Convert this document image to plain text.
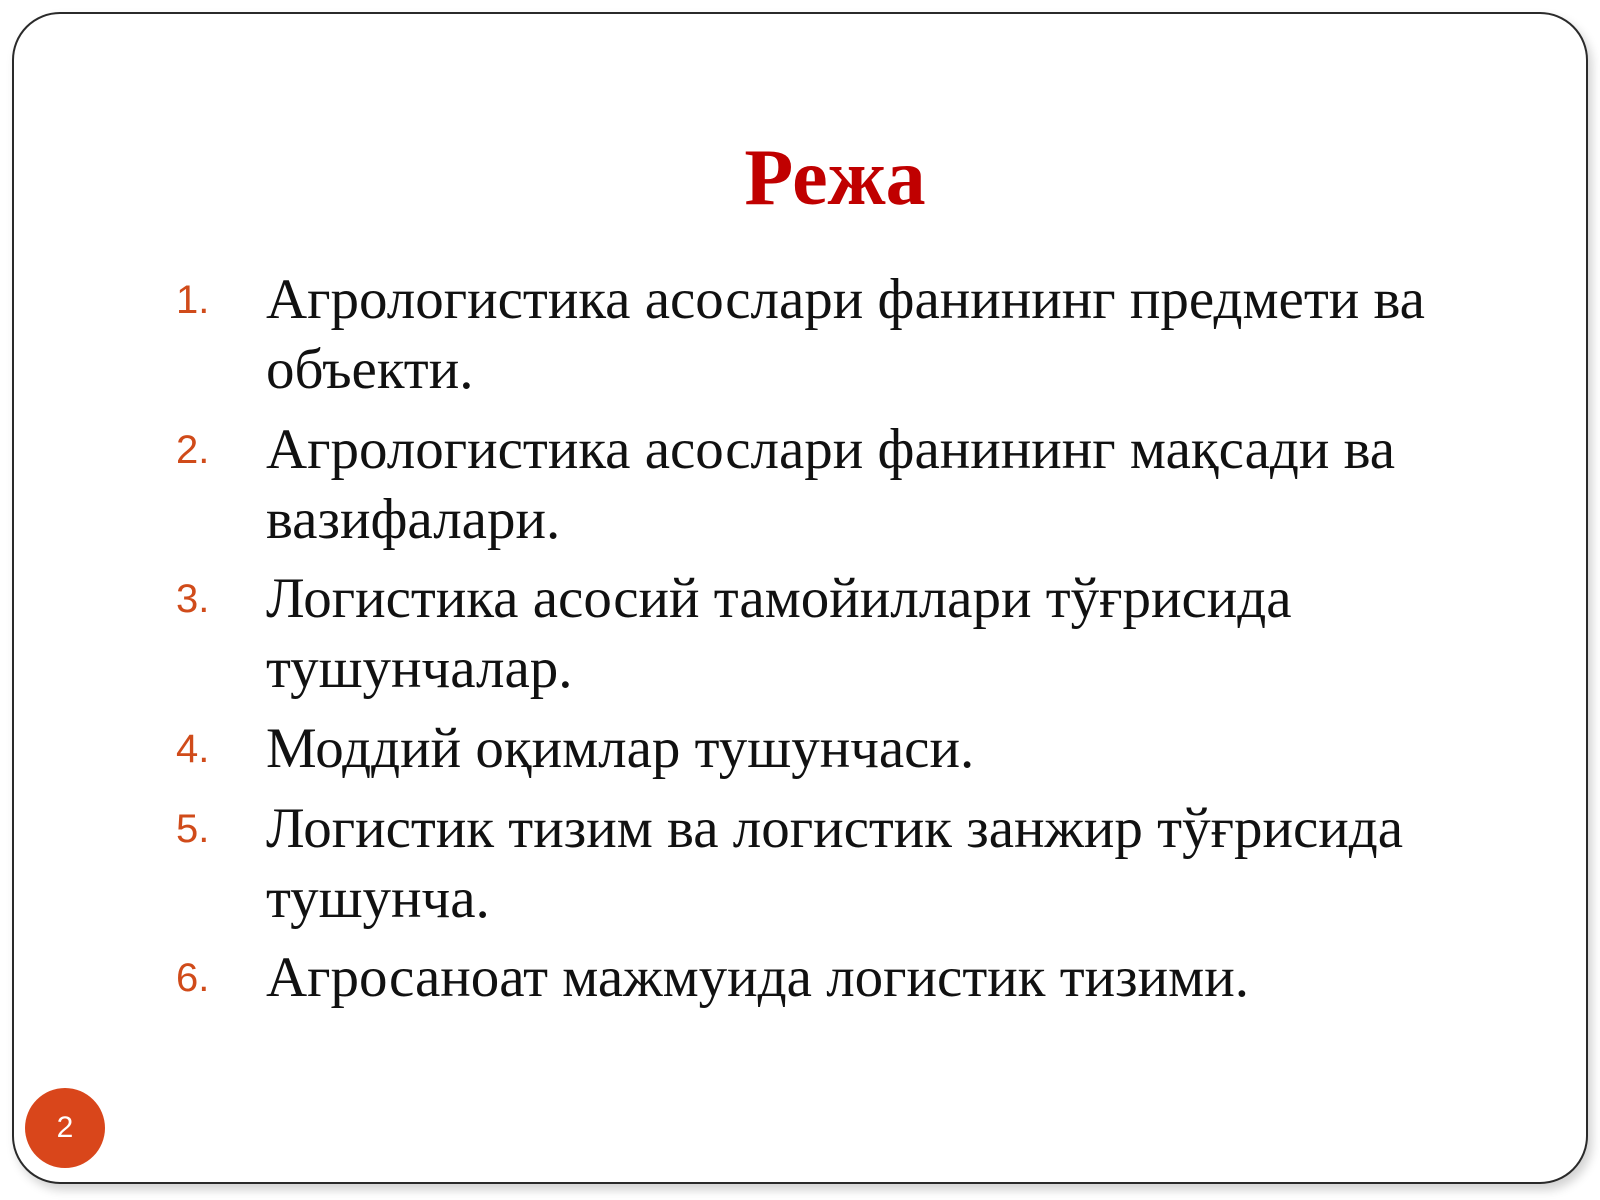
Режа
1. Агрологистика асослари фанининг предмети ва объекти.
2. Агрологистика асослари фанининг мақсади ва вазифалари.
3. Логистика асосий тамойиллари тўғрисида тушунчалар.
4. Моддий оқимлар тушунчаси.
5. Логистик тизим ва логистик занжир тўғрисида тушунча.
6. Агросаноат мажмуида логистик тизими.
2
